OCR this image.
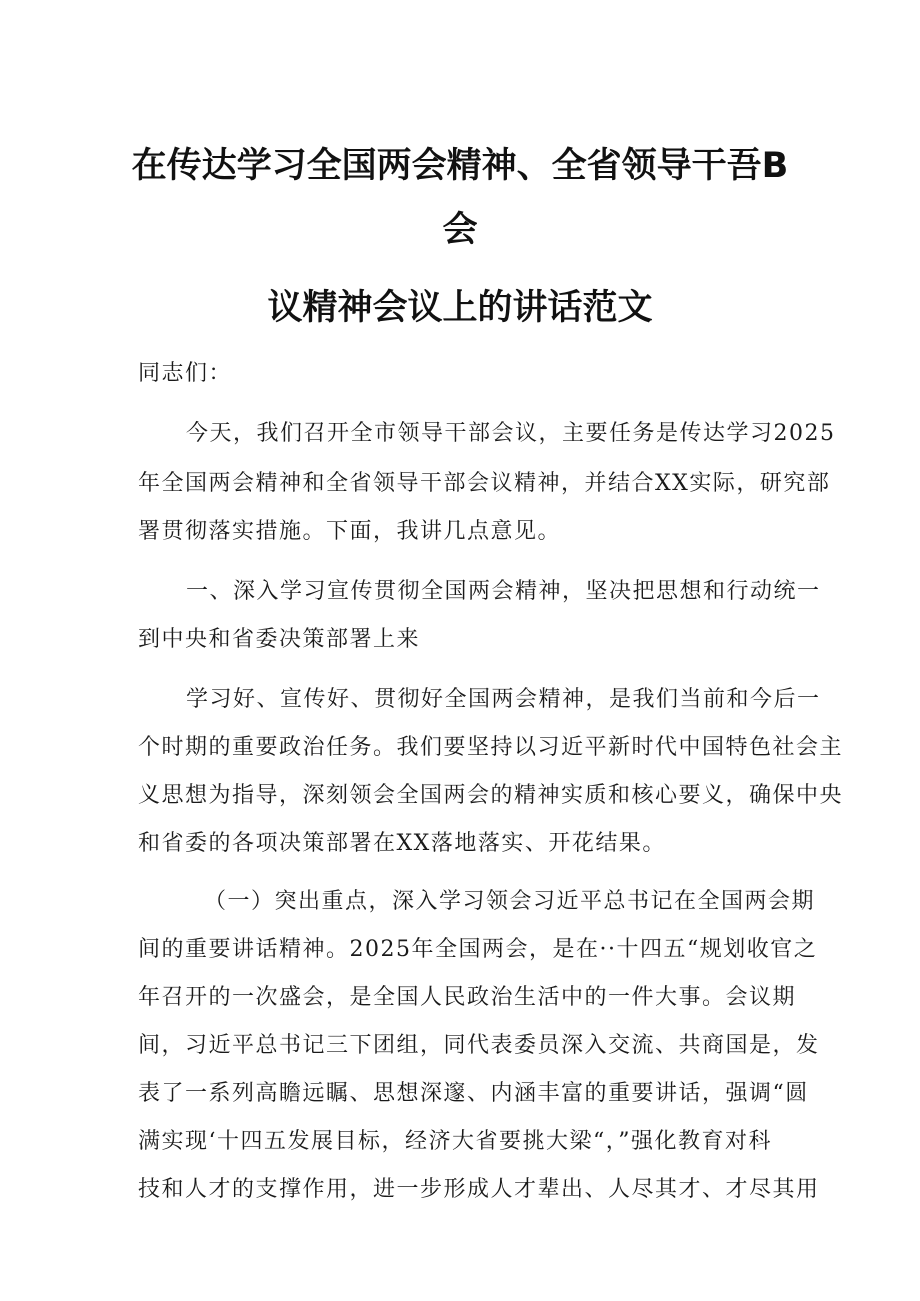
在传达学习全国两会精神、全省领导干吾B
会
议精神会议上的讲话范文
同志们：
今天，我们召开全市领导干部会议，主要任务是传达学习2025
年全国两会精神和全省领导干部会议精神，并结合XX实际，研究部
署贯彻落实措施。下面，我讲几点意见。
一、深入学习宣传贯彻全国两会精神，坚决把思想和行动统一
到中央和省委决策部署上来
学习好、宣传好、贯彻好全国两会精神，是我们当前和今后一
个时期的重要政治任务。我们要坚持以习近平新时代中国特色社会主
义思想为指导，深刻领会全国两会的精神实质和核心要义，确保中央
和省委的各项决策部署在XX落地落实、开花结果。
（一）突出重点，深入学习领会习近平总书记在全国两会期
间的重要讲话精神。2025年全国两会，是在··十四五“规划收官之
年召开的一次盛会，是全国人民政治生活中的一件大事。会议期
间，习近平总书记三下团组，同代表委员深入交流、共商国是，发
表了一系列高瞻远瞩、思想深邃、内涵丰富的重要讲话，强调“圆
满实现‘十四五发展目标，经济大省要挑大梁“，”强化教育对科
技和人才的支撑作用，进一步形成人才辈出、人尽其才、才尽其用
